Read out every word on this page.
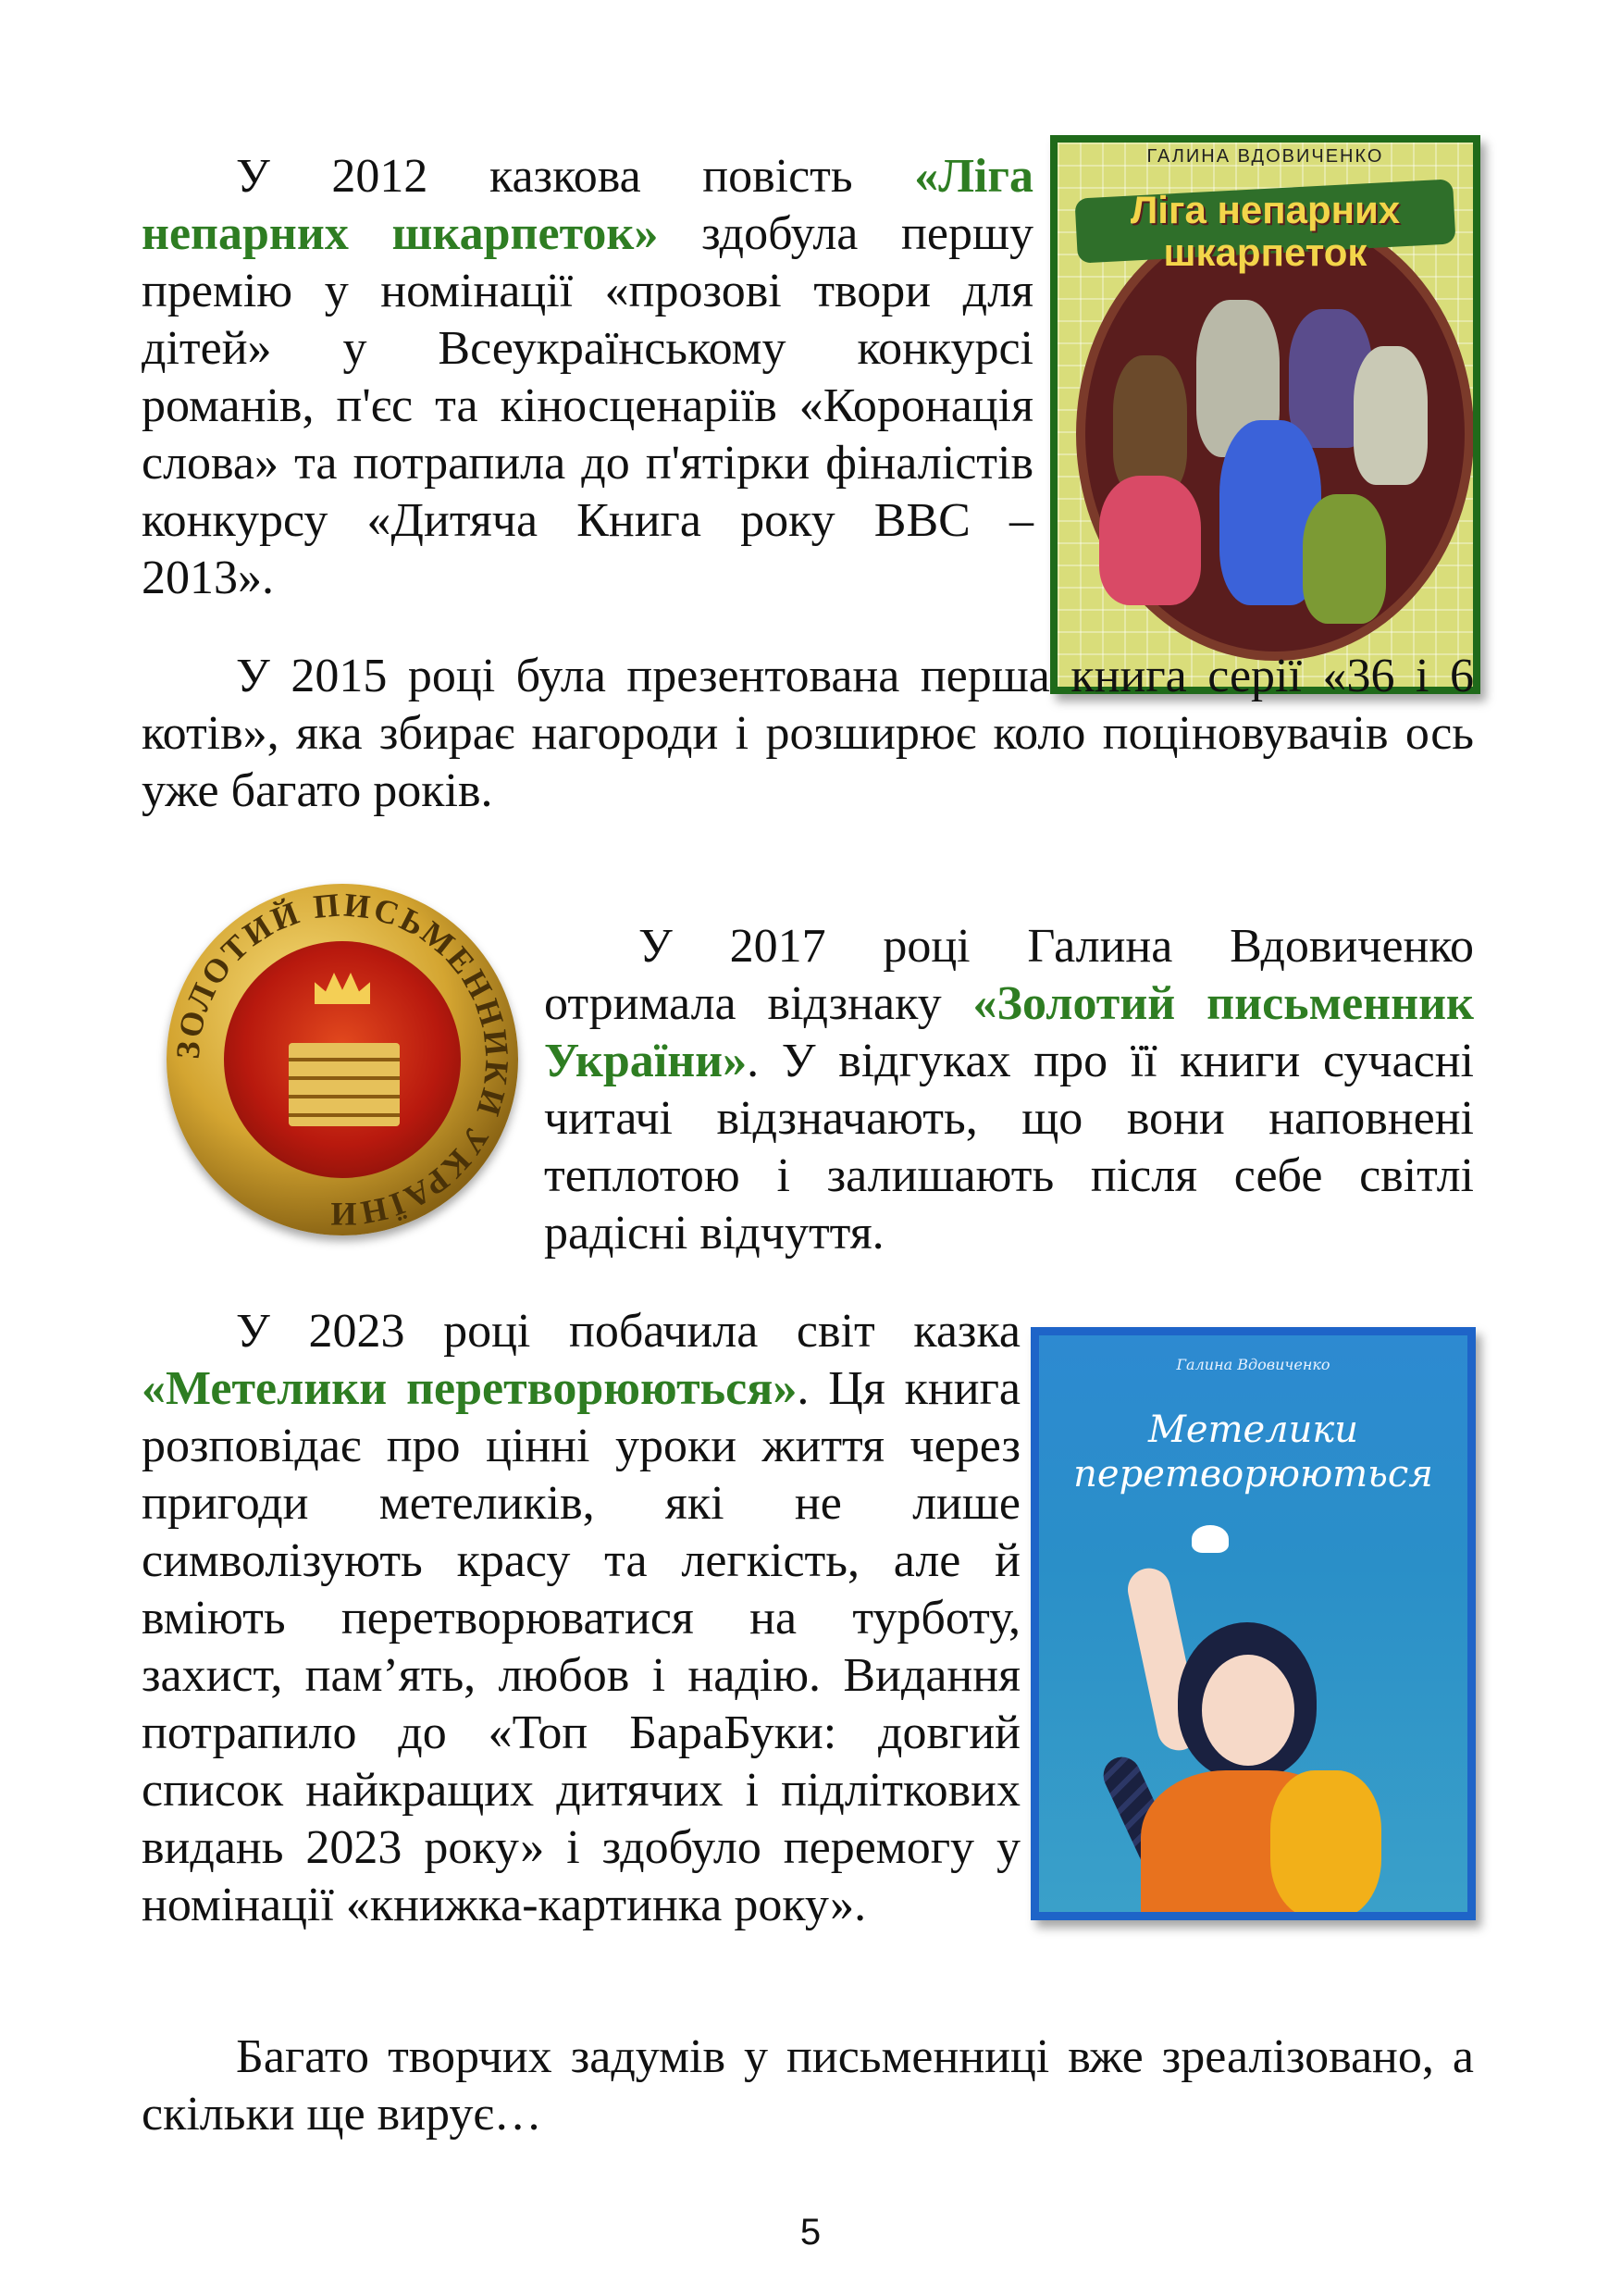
У 2012 казкова повість «Ліга непарних шкарпеток» здобула першу премію у номінації «прозові твори для дітей» у Всеукраїнському конкурсі романів, п'єс та кіносценаріїв «Коронація слова» та потрапила до п'ятірки фіналістів конкурсу «Дитяча Книга року BBC – 2013».

ГАЛИНА ВДОВИЧЕНКО
Ліга непарних шкарпеток

У 2015 році була презентована перша книга серії «36 і 6 котів», яка збирає нагороди і розширює коло поціновувачів ось уже багато років.

ЗОЛОТИЙ ПИСЬМЕННИКИ УКРАЇНИ

У 2017 році Галина Вдовиченко отримала відзнаку «Золотий письменник України». У відгуках про її книги сучасні читачі відзначають, що вони наповнені теплотою і залишають після себе світлі радісні відчуття.

У 2023 році побачила світ казка «Метелики перетворюються». Ця книга розповідає про цінні уроки життя через пригоди метеликів, які не лише символізують красу та легкість, але й вміють перетворюватися на турботу, захист, пам’ять, любов і надію. Видання потрапило до «Топ БараБуки: довгий список найкращих дитячих і підліткових видань 2023 року» і здобуло перемогу у номінації «книжка-картинка року».

Галина Вдовиченко
Метелики перетворюються

Багато творчих задумів у письменниці вже зреалізовано, а скільки ще вирує…

5
